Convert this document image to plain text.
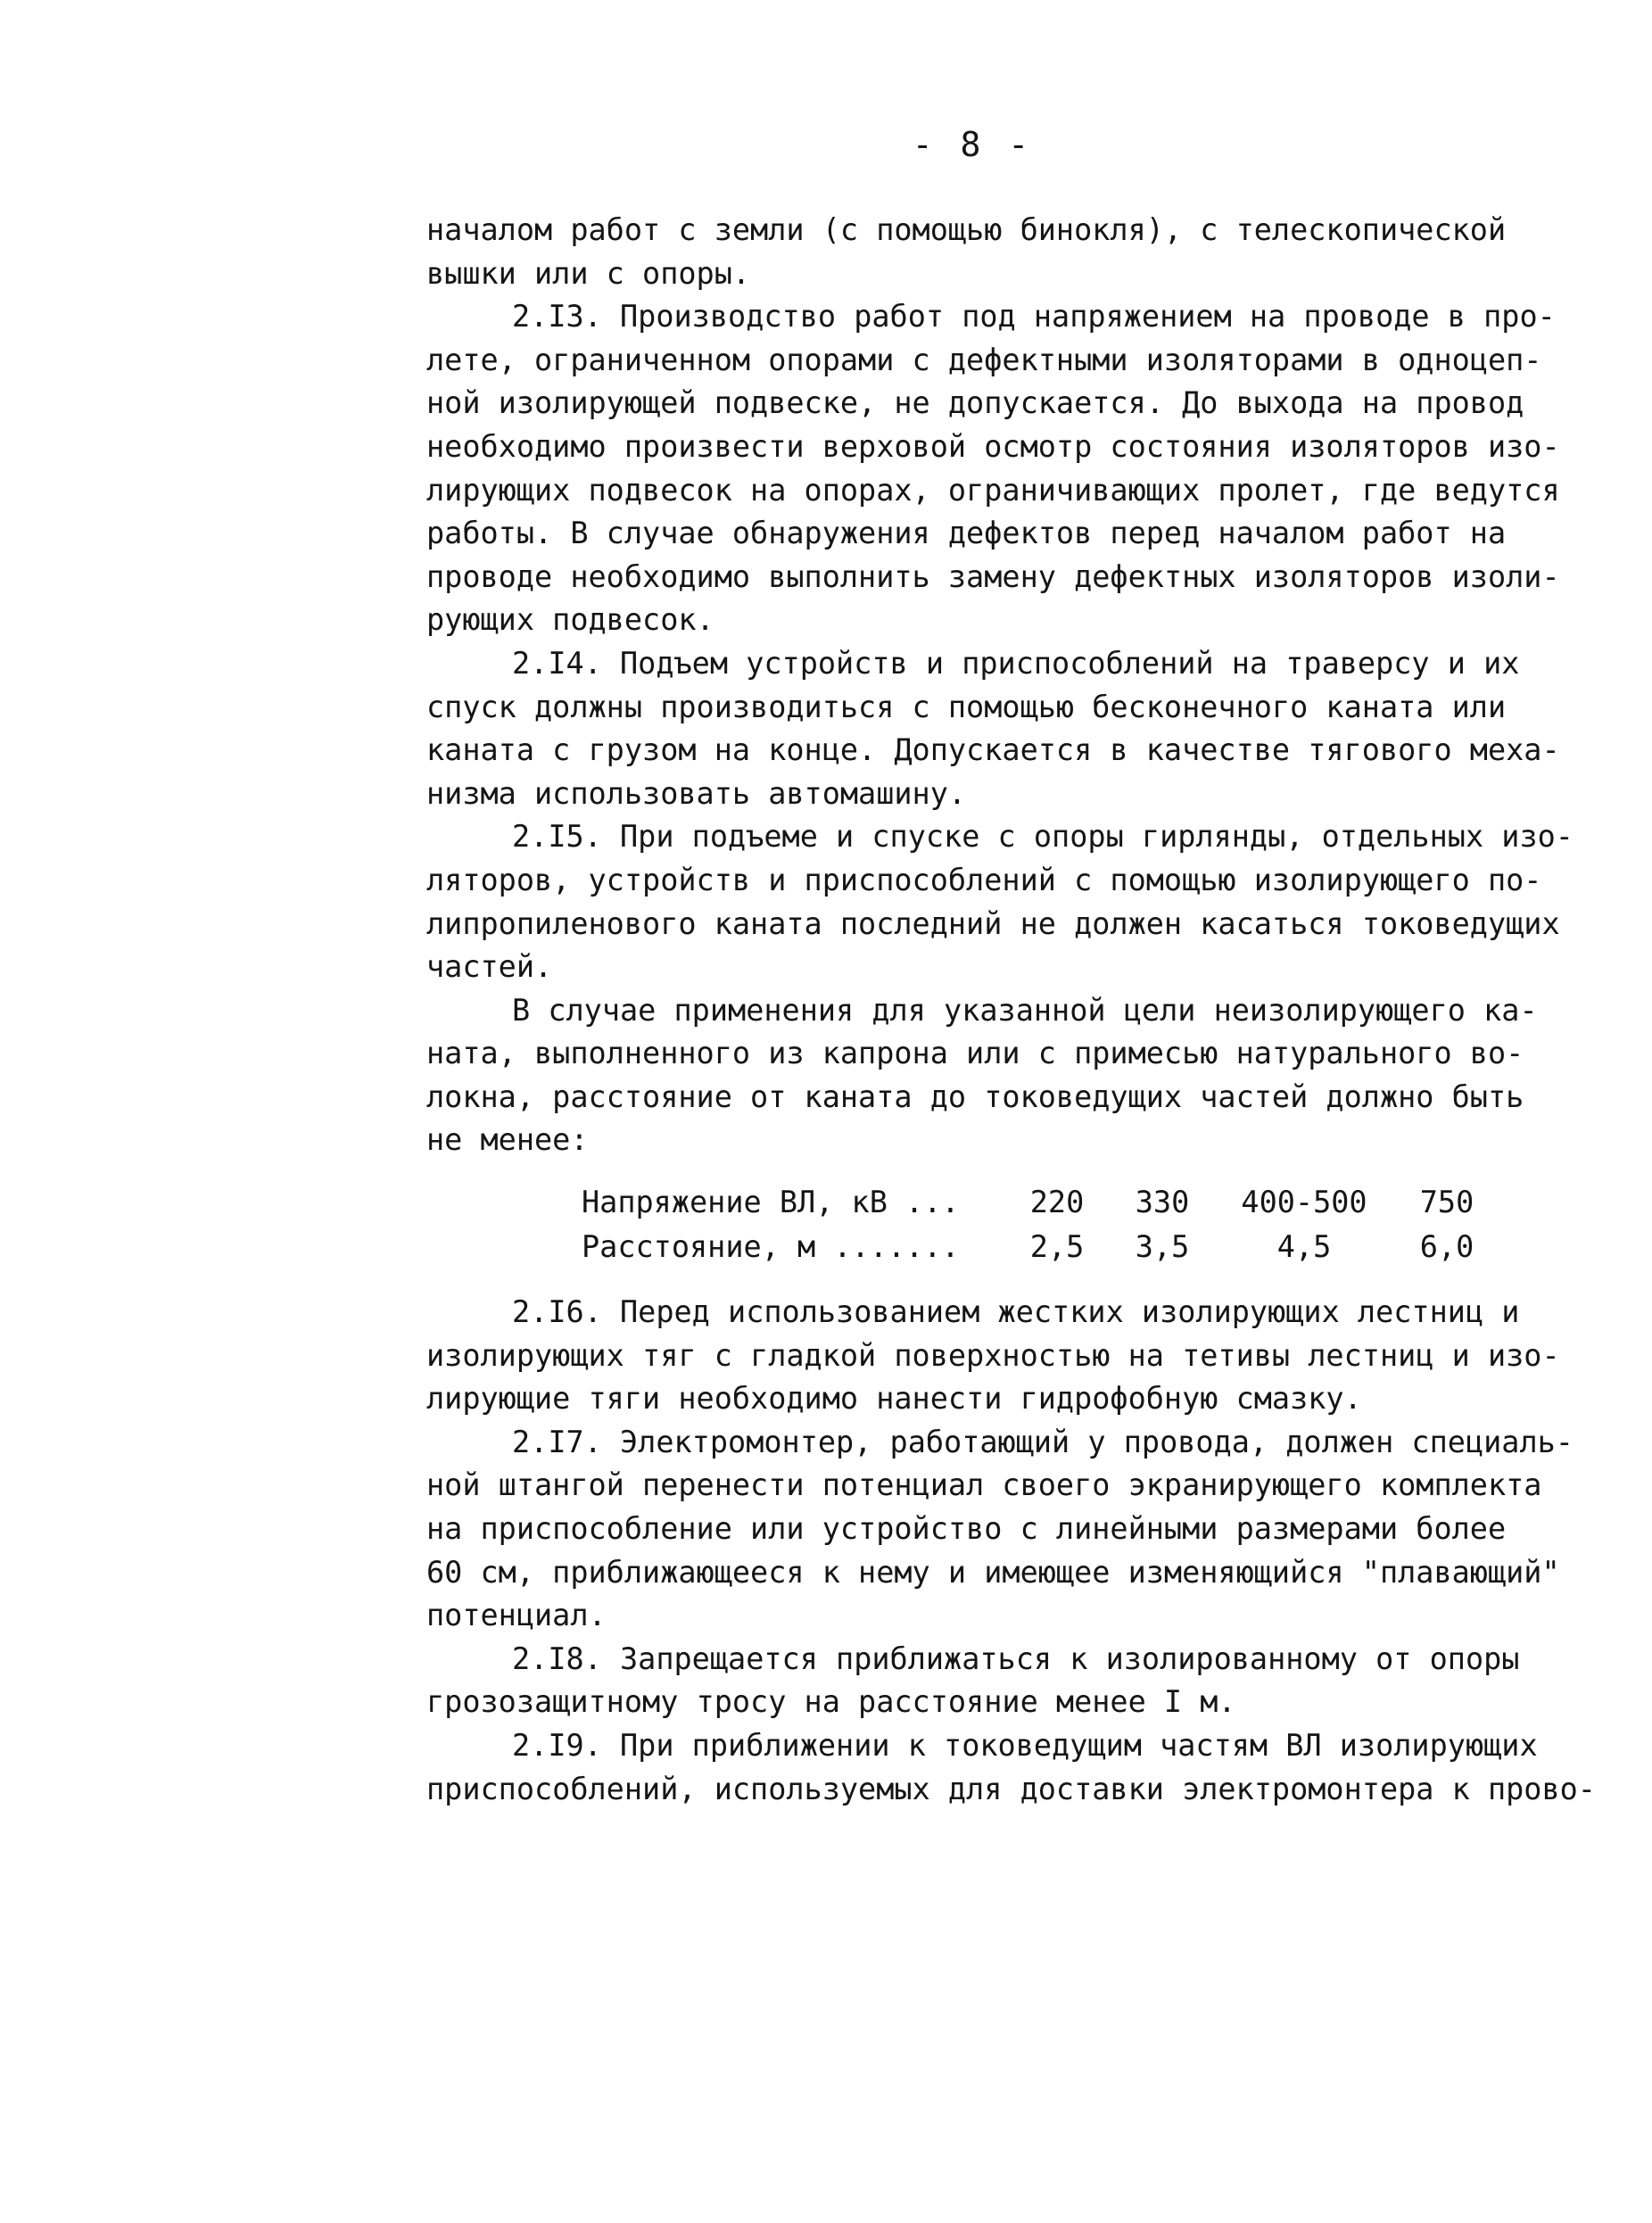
- 8 -
началом работ с земли (с помощью бинокля), с телескопической
вышки или с опоры.
2.I3. Производство работ под напряжением на проводе в про-
лете, ограниченном опорами с дефектными изоляторами в одноцеп-
ной изолирующей подвеске, не допускается. До выхода на провод
необходимо произвести верховой осмотр состояния изоляторов изо-
лирующих подвесок на опорах, ограничивающих пролет, где ведутся
работы. В случае обнаружения дефектов перед началом работ на
проводе необходимо выполнить замену дефектных изоляторов изоли-
рующих подвесок.
2.I4. Подъем устройств и приспособлений на траверсу и их
спуск должны производиться с помощью бесконечного каната или
каната с грузом на конце. Допускается в качестве тягового меха-
низма использовать автомашину.
2.I5. При подъеме и спуске с опоры гирлянды, отдельных изо-
ляторов, устройств и приспособлений с помощью изолирующего по-
липропиленового каната последний не должен касаться токоведущих
частей.
В случае применения для указанной цели неизолирующего ка-
ната, выполненного из капрона или с примесью натурального во-
локна, расстояние от каната до токоведущих частей должно быть
не менее:
Напряжение ВЛ, кВ ...	220	330	400-500	750
Расстояние, м .......	2,5	3,5	4,5	6,0
2.I6. Перед использованием жестких изолирующих лестниц и
изолирующих тяг с гладкой поверхностью на тетивы лестниц и изо-
лирующие тяги необходимо нанести гидрофобную смазку.
2.I7. Электромонтер, работающий у провода, должен специаль-
ной штангой перенести потенциал своего экранирующего комплекта
на приспособление или устройство с линейными размерами более
60 см, приближающееся к нему и имеющее изменяющийся "плавающий"
потенциал.
2.I8. Запрещается приближаться к изолированному от опоры
грозозащитному тросу на расстояние менее I м.
2.I9. При приближении к токоведущим частям ВЛ изолирующих
приспособлений, используемых для доставки электромонтера к прово-
